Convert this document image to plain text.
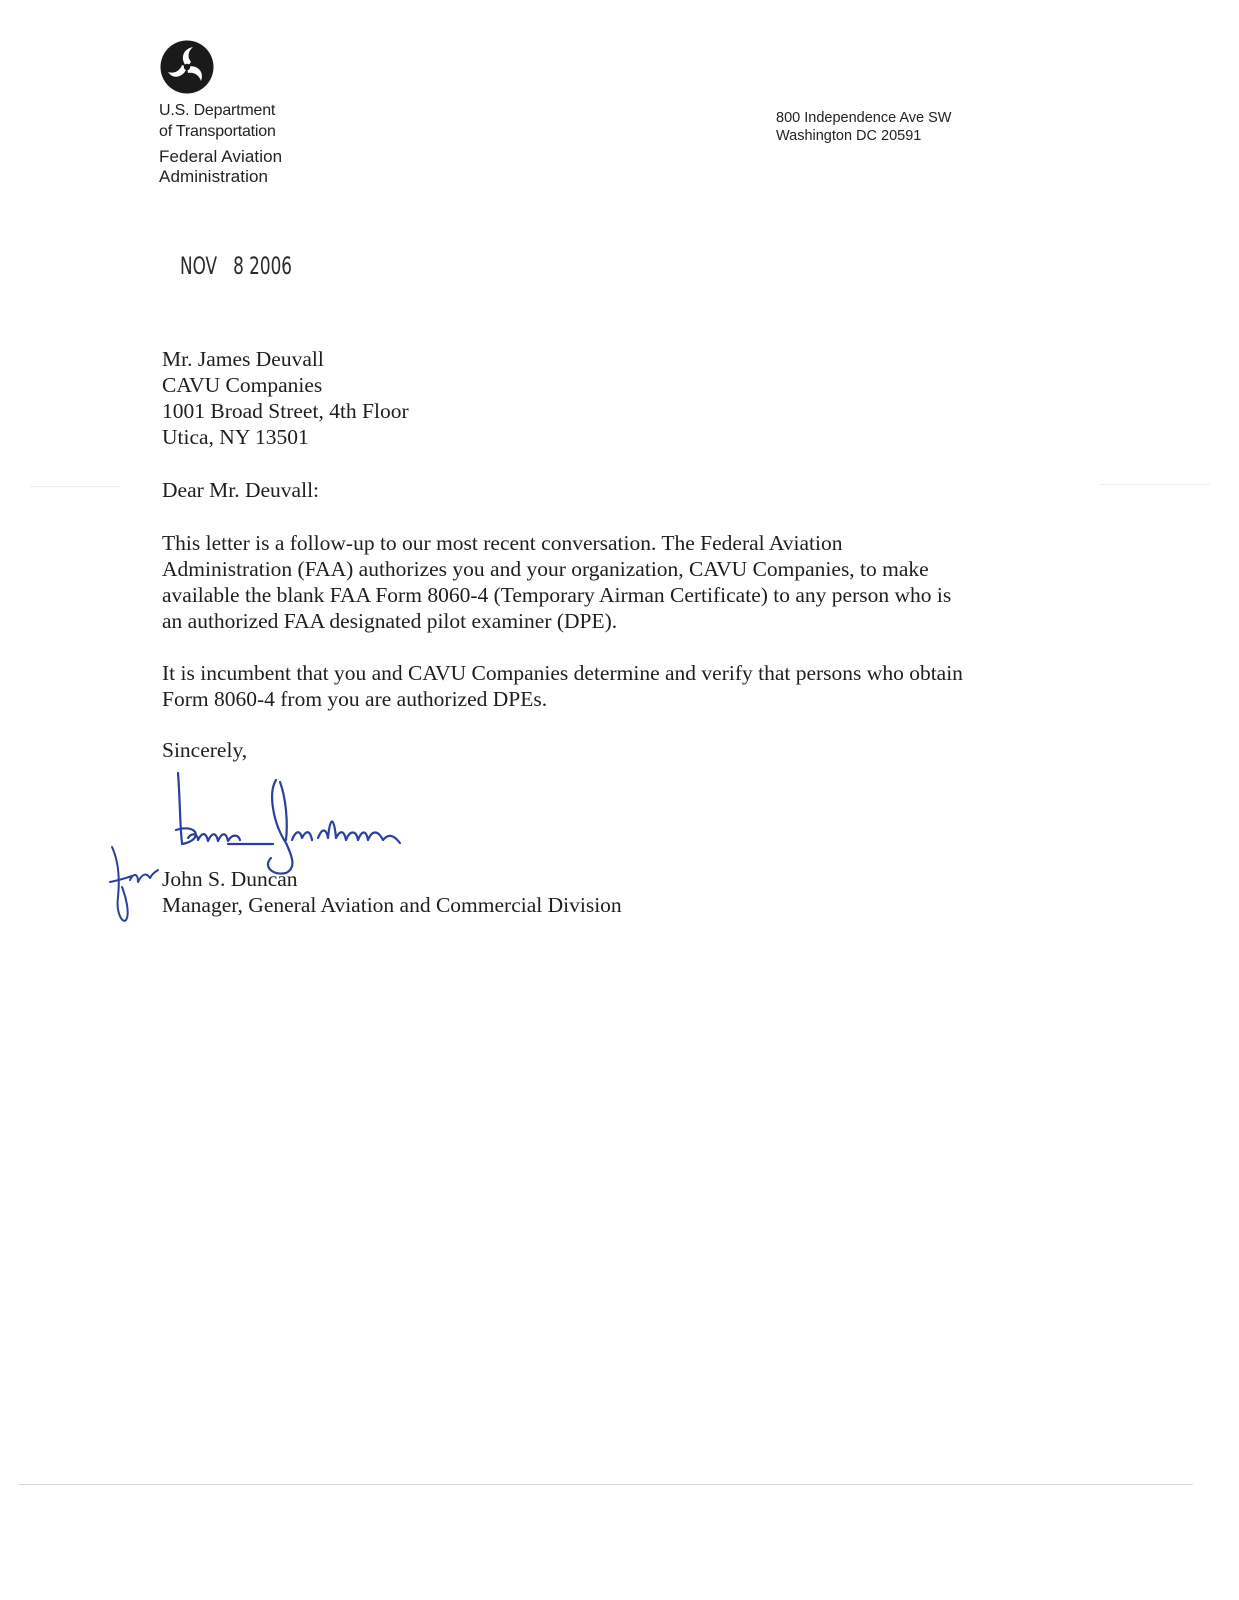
U.S. Department
of Transportation
Federal Aviation
Administration
800 Independence Ave SW
Washington DC 20591
NOV   8 2006
Mr. James Deuvall
CAVU Companies
1001 Broad Street, 4th Floor
Utica, NY 13501
Dear Mr. Deuvall:
This letter is a follow-up to our most recent conversation. The Federal Aviation
Administration (FAA) authorizes you and your organization, CAVU Companies, to make
available the blank FAA Form 8060-4 (Temporary Airman Certificate) to any person who is
an authorized FAA designated pilot examiner (DPE).
It is incumbent that you and CAVU Companies determine and verify that persons who obtain
Form 8060-4 from you are authorized DPEs.
Sincerely,
John S. Duncan
Manager, General Aviation and Commercial Division
